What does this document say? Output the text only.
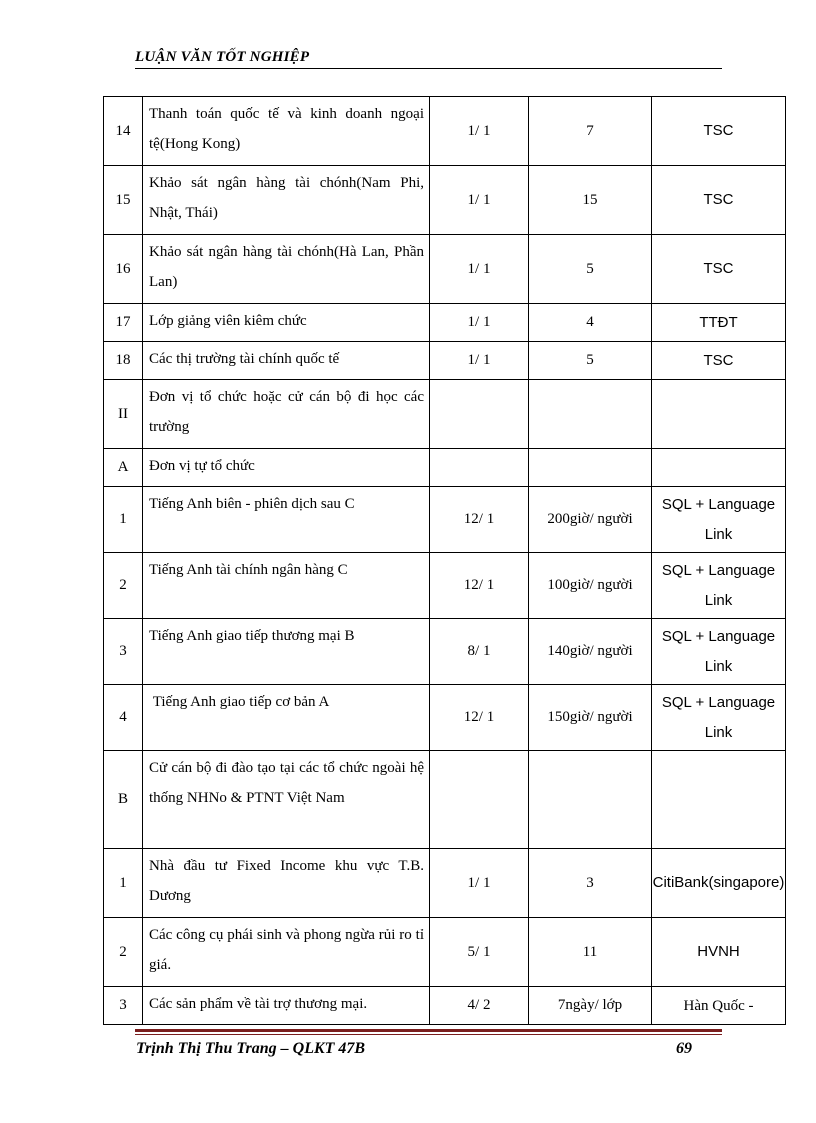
LUẬN VĂN TỐT NGHIỆP
14	Thanh toán quốc tế và kinh doanh ngoại tệ(Hong Kong)	1/ 1	7	TSC
15	Khảo sát ngân hàng tài chónh(Nam Phi, Nhật, Thái)	1/ 1	15	TSC
16	Khảo sát ngân hàng tài chónh(Hà Lan, Phần Lan)	1/ 1	5	TSC
17	Lớp giảng viên kiêm chức	1/ 1	4	TTĐT
18	Các thị trường tài chính quốc tế	1/ 1	5	TSC
II	Đơn vị tổ chức hoặc cử cán bộ đi học các trường			
A	Đơn vị tự tổ chức			
1	Tiếng Anh biên - phiên dịch sau C	12/ 1	200giờ/ người	SQL + Language Link
2	Tiếng Anh tài chính ngân hàng C	12/ 1	100giờ/ người	SQL + Language Link
3	Tiếng Anh giao tiếp thương mại B	8/ 1	140giờ/ người	SQL + Language Link
4	Tiếng Anh giao tiếp cơ bản A	12/ 1	150giờ/ người	SQL + Language Link
B	Cử cán bộ đi đào tạo tại các tổ chức ngoài hệ thống NHNo & PTNT Việt Nam			
1	Nhà đầu tư Fixed Income khu vực T.B. Dương	1/ 1	3	CitiBank(singapore)
2	Các công cụ phái sinh và phong ngừa rủi ro tỉ giá.	5/ 1	11	HVNH
3	Các sản phẩm về tài trợ thương mại.	4/ 2	7ngày/ lớp	Hàn Quốc -
Trịnh Thị Thu Trang – QLKT 47B	69
